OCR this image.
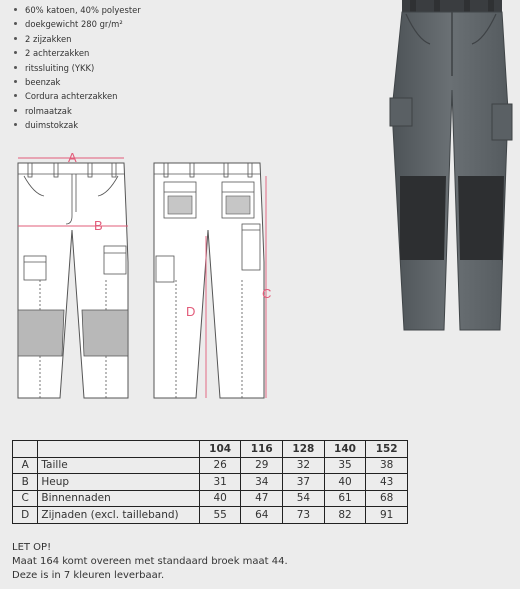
60% katoen, 40% polyester
doekgewicht 280 gr/m²
2 zijzakken
2 achterzakken
ritssluiting (YKK)
beenzak
Cordura achterzakken
rolmaatzak
duimstokzak
A
B
C
D
		104	116	128	140	152
A	Taille	26	29	32	35	38
B	Heup	31	34	37	40	43
C	Binnennaden	40	47	54	61	68
D	Zijnaden (excl. tailleband)	55	64	73	82	91
LET OP!
Maat 164 komt overeen met standaard broek maat 44.
Deze is in 7 kleuren leverbaar.
